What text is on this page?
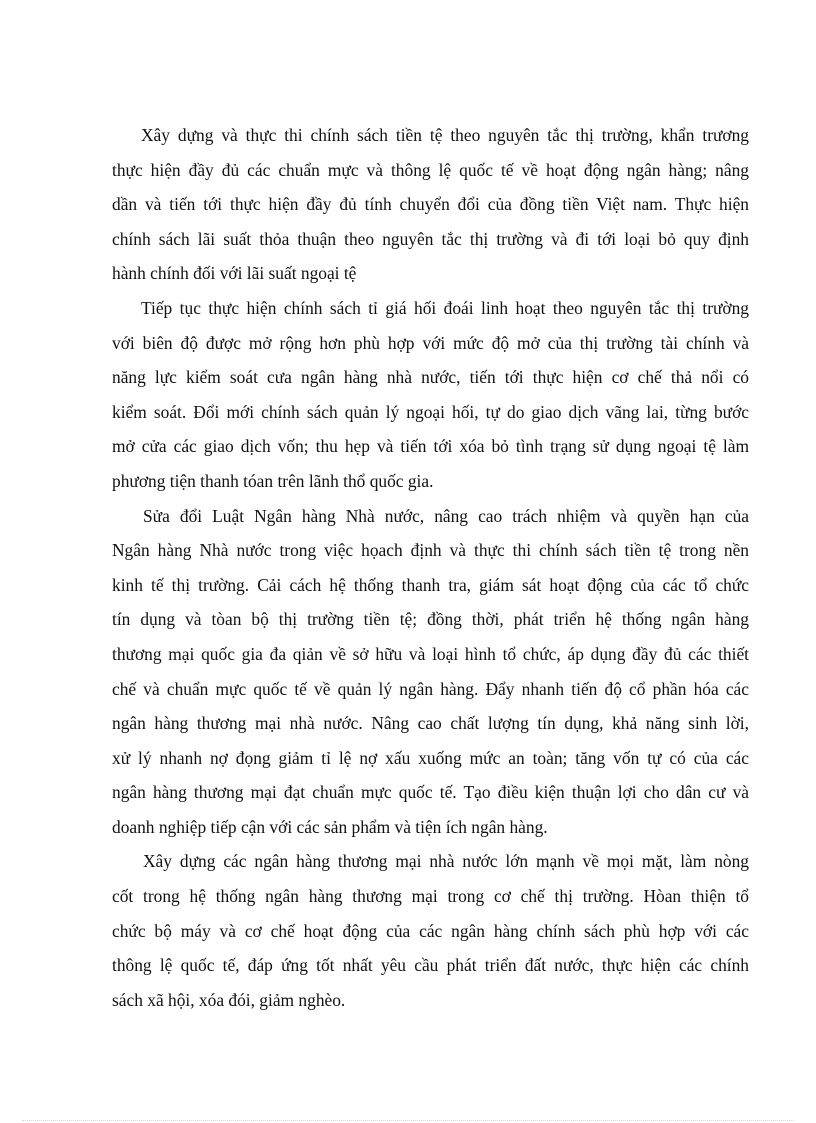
Xây dựng và thực thi chính sách tiền tệ theo nguyên tắc thị trường, khẩn trương
thực hiện đầy đủ các chuẩn mực và thông lệ quốc tế về hoạt động ngân hàng; nâng
dần và tiến tới thực hiện đầy đủ tính chuyển đổi của đồng tiền Việt nam. Thực hiện
chính sách lãi suất thỏa thuận theo nguyên tắc thị trường và đi tới loại bỏ quy định
hành chính đối với lãi suất ngoại tệ
Tiếp tục thực hiện chính sách tỉ giá hối đoái linh hoạt theo nguyên tắc thị trường
với biên độ được mở rộng hơn phù hợp với mức độ mở của thị trường tài chính và
năng lực kiểm soát cưa ngân hàng nhà nước, tiến tới thực hiện cơ chế thả nổi có
kiểm soát. Đổi mới chính sách quản lý ngoại hối, tự do giao dịch vãng lai, từng bước
mở cửa các giao dịch vốn; thu hẹp và tiến tới xóa bỏ tình trạng sử dụng ngoại tệ làm
phương tiện thanh tóan trên lãnh thổ quốc gia.
Sửa đổi Luật Ngân hàng Nhà nước, nâng cao trách nhiệm và quyền hạn của
Ngân hàng Nhà nước trong việc họach định và thực thi chính sách tiền tệ trong nền
kinh tế thị trường. Cải cách hệ thống thanh tra, giám sát hoạt động của các tổ chức
tín dụng và tòan bộ thị trường tiền tệ; đồng thời, phát triển hệ thống ngân hàng
thương mại quốc gia đa qiản về sở hữu và loại hình tổ chức, áp dụng đầy đủ các thiết
chế và chuẩn mực quốc tế về quản lý ngân hàng. Đẩy nhanh tiến độ cổ phần hóa các
ngân hàng thương mại nhà nước. Nâng cao chất lượng tín dụng, khả năng sinh lời,
xử lý nhanh nợ đọng giảm tỉ lệ nợ xấu xuống mức an toàn; tăng vốn tự có của các
ngân hàng thương mại đạt chuẩn mực quốc tế. Tạo điều kiện thuận lợi cho dân cư và
doanh nghiệp tiếp cận với các sản phẩm và tiện ích ngân hàng.
Xây dựng các ngân hàng thương mại nhà nước lớn mạnh về mọi mặt, làm nòng
cốt trong hệ thống ngân hàng thương mại trong cơ chế thị trường. Hòan thiện tổ
chức bộ máy và cơ chế hoạt động của các ngân hàng chính sách phù hợp với các
thông lệ quốc tế, đáp ứng tốt nhất yêu cầu phát triển đất nước, thực hiện các chính
sách xã hội, xóa đói, giảm nghèo.
